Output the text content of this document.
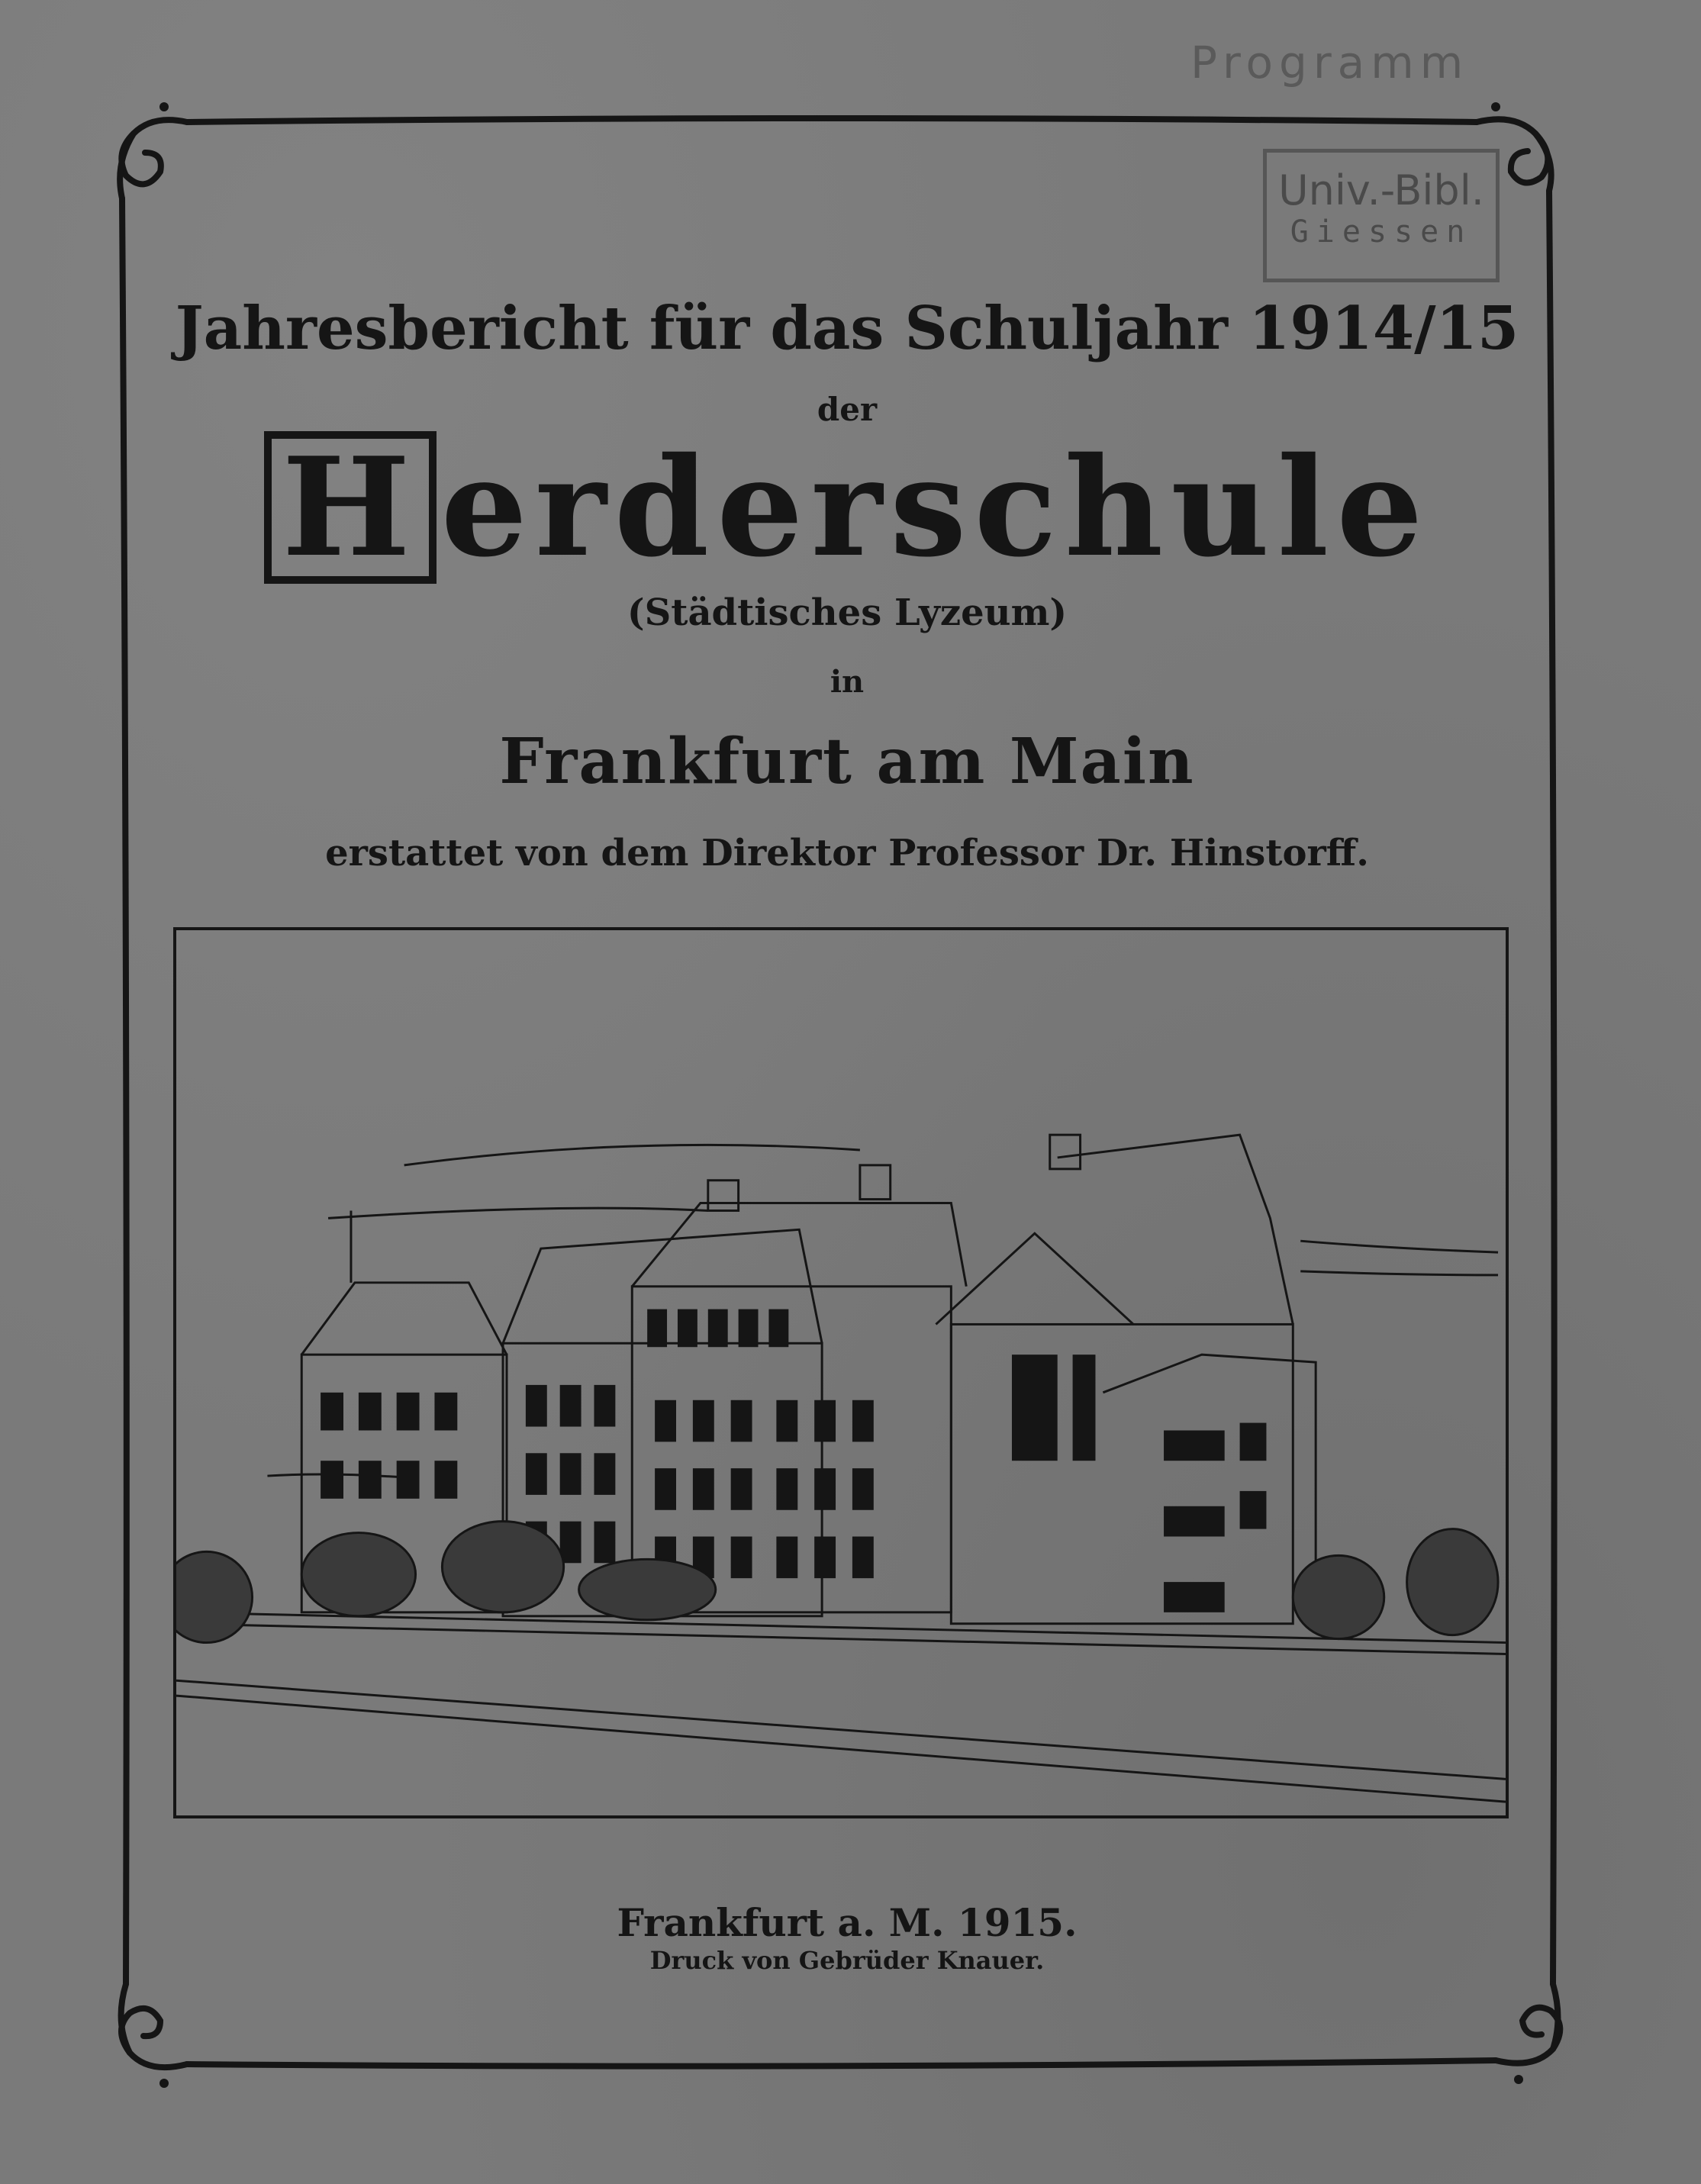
Programm
Univ.-Bibl.
Giessen
Jahresbericht für das Schuljahr 1914/15
der
H erderschule
(Städtisches Lyzeum)
in
Frankfurt am Main
erstattet von dem Direktor Professor Dr. Hinstorff.
Frankfurt a. M. 1915.
Druck von Gebrüder Knauer.
